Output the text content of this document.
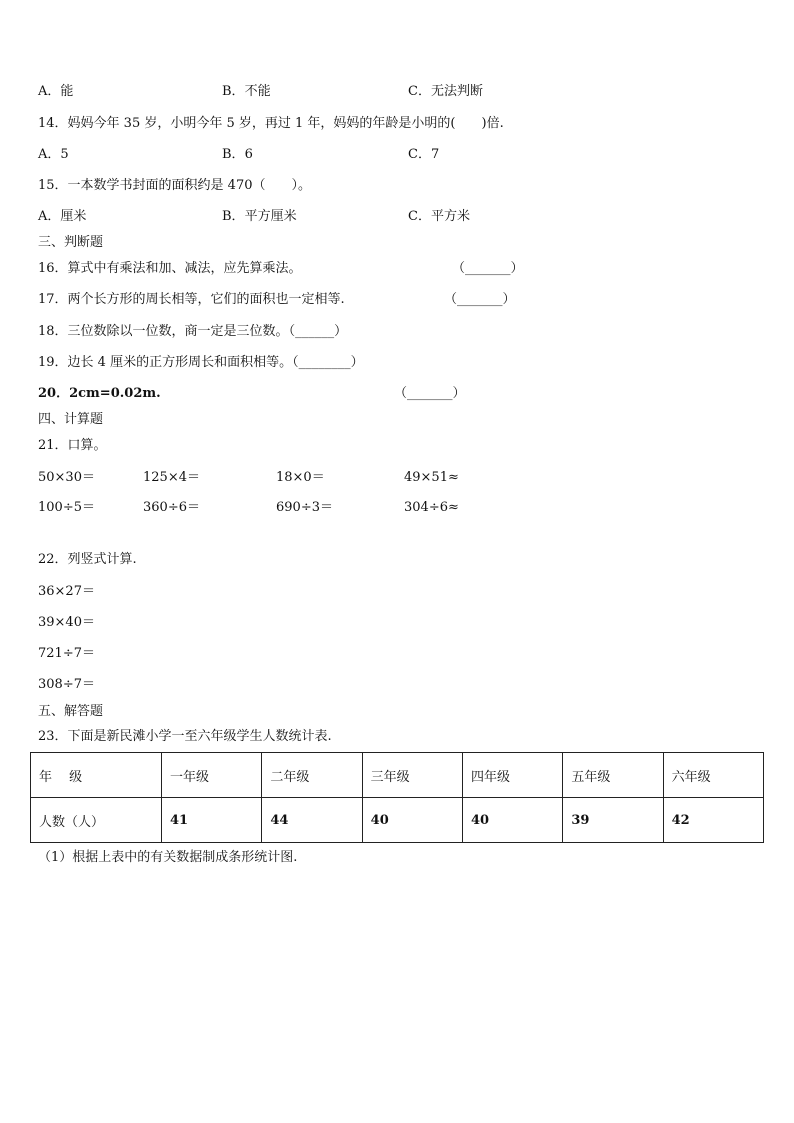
A．能	B．不能	C．无法判断
14．妈妈今年 35 岁，小明今年 5 岁，再过 1 年，妈妈的年龄是小明的(　　)倍.
A．5	B．6	C．7
15．一本数学书封面的面积约是 470（　　）。
A．厘米	B．平方厘米	C．平方米
三、判断题
16．算式中有乘法和加、减法，应先算乘法。	（_______）
17．两个长方形的周长相等，它们的面积也一定相等.	（_______）
18．三位数除以一位数，商一定是三位数。（______）
19．边长 4 厘米的正方形周长和面积相等。（________）
20．2cm=0.02m.	（_______）
四、计算题
21．口算。
50×30＝	125×4＝	18×0＝	49×51≈
100÷5＝	360÷6＝	690÷3＝	304÷6≈
22．列竖式计算.
36×27＝
39×40＝
721÷7＝
308÷7＝
五、解答题
23．下面是新民滩小学一至六年级学生人数统计表.
年　 级	一年级	二年级	三年级	四年级	五年级	六年级
人数（人）	41	44	40	40	39	42
（1）根据上表中的有关数据制成条形统计图.
